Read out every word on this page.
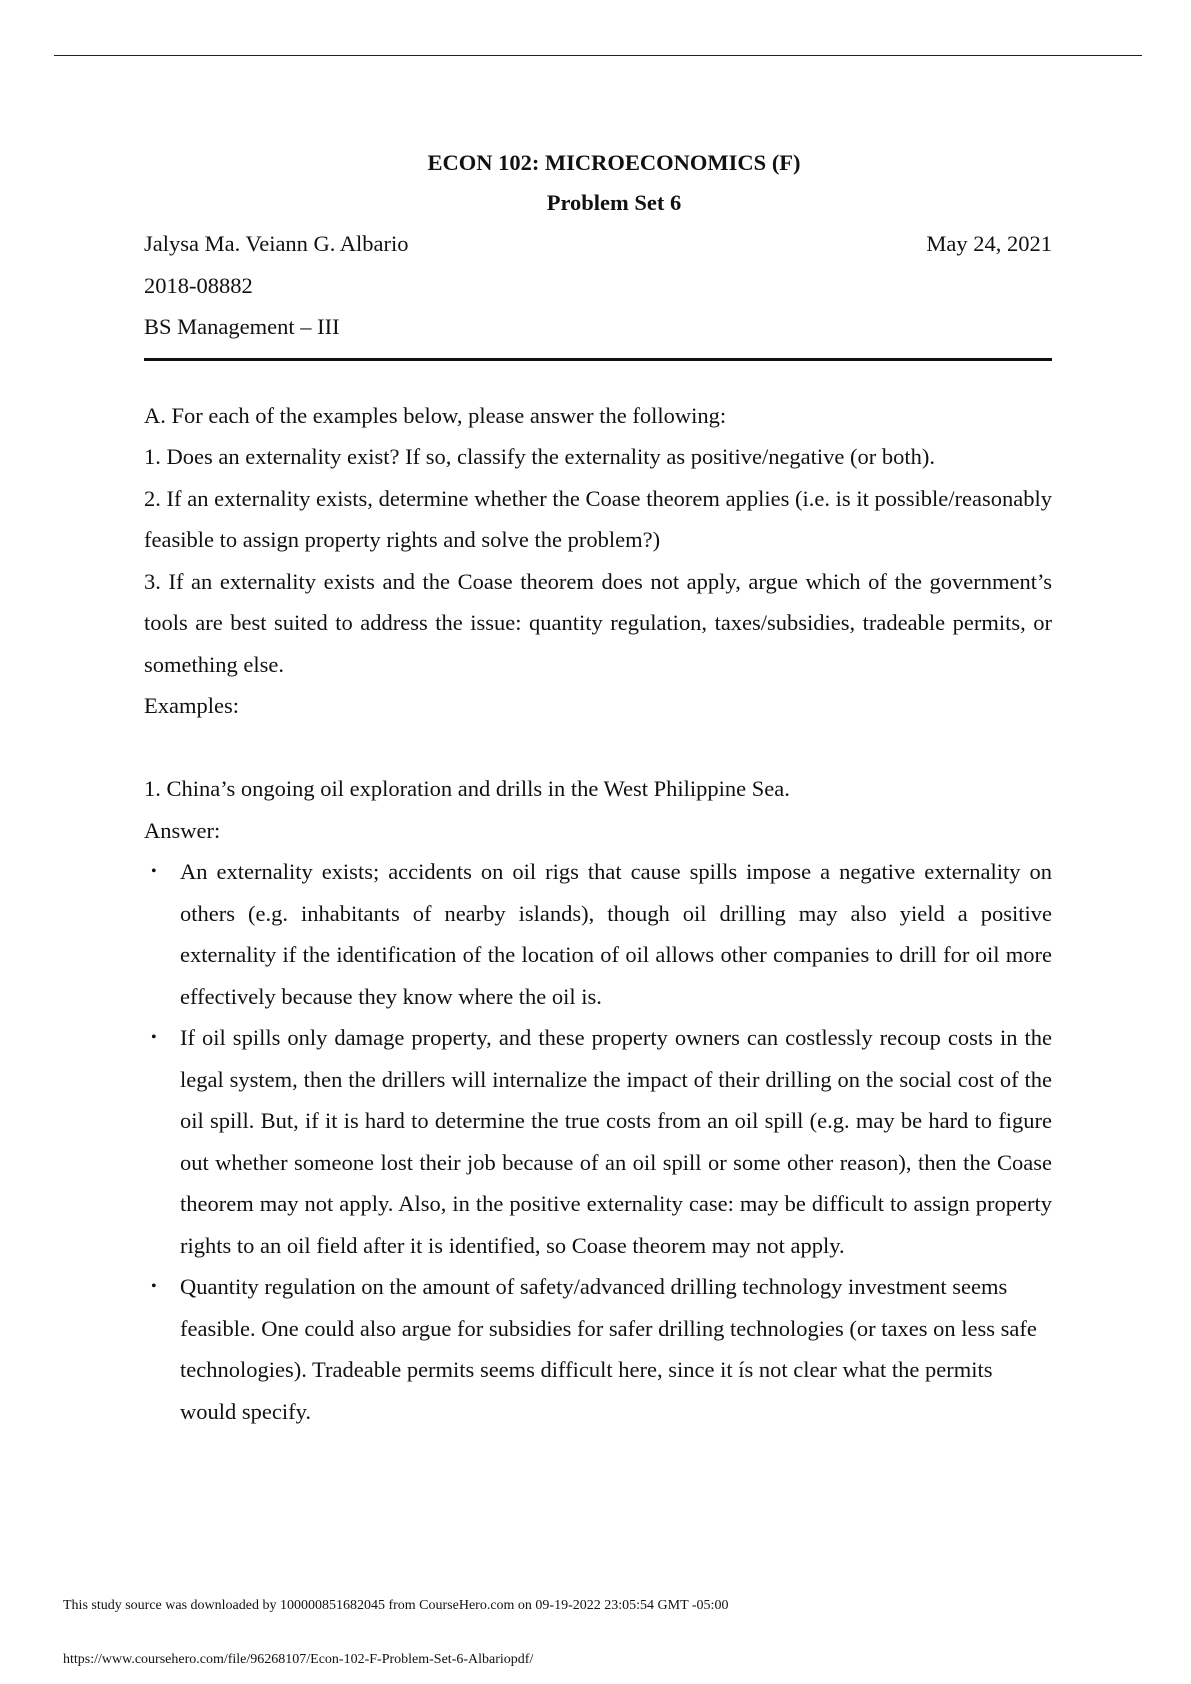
ECON 102: MICROECONOMICS (F)
Problem Set 6
Jalysa Ma. Veiann G. Albario	May 24, 2021

2018-08882

BS Management – III

A. For each of the examples below, please answer the following:

1. Does an externality exist? If so, classify the externality as positive/negative (or both).

2. If an externality exists, determine whether the Coase theorem applies (i.e. is it possible/reasonably feasible to assign property rights and solve the problem?)

3. If an externality exists and the Coase theorem does not apply, argue which of the government’s tools are best suited to address the issue: quantity regulation, taxes/subsidies, tradeable permits, or something else.

Examples:

1. China’s ongoing oil exploration and drills in the West Philippine Sea.

Answer:

• An externality exists; accidents on oil rigs that cause spills impose a negative externality on others (e.g. inhabitants of nearby islands), though oil drilling may also yield a positive externality if the identification of the location of oil allows other companies to drill for oil more effectively because they know where the oil is.
• If oil spills only damage property, and these property owners can costlessly recoup costs in the legal system, then the drillers will internalize the impact of their drilling on the social cost of the oil spill. But, if it is hard to determine the true costs from an oil spill (e.g. may be hard to figure out whether someone lost their job because of an oil spill or some other reason), then the Coase theorem may not apply. Also, in the positive externality case: may be difficult to assign property rights to an oil field after it is identified, so Coase theorem may not apply.
• Quantity regulation on the amount of safety/advanced drilling technology investment seems feasible. One could also argue for subsidies for safer drilling technologies (or taxes on less safe technologies). Tradeable permits seems difficult here, since it ís not clear what the permits would specify.
This study source was downloaded by 100000851682045 from CourseHero.com on 09-19-2022 23:05:54 GMT -05:00
https://www.coursehero.com/file/96268107/Econ-102-F-Problem-Set-6-Albariopdf/
